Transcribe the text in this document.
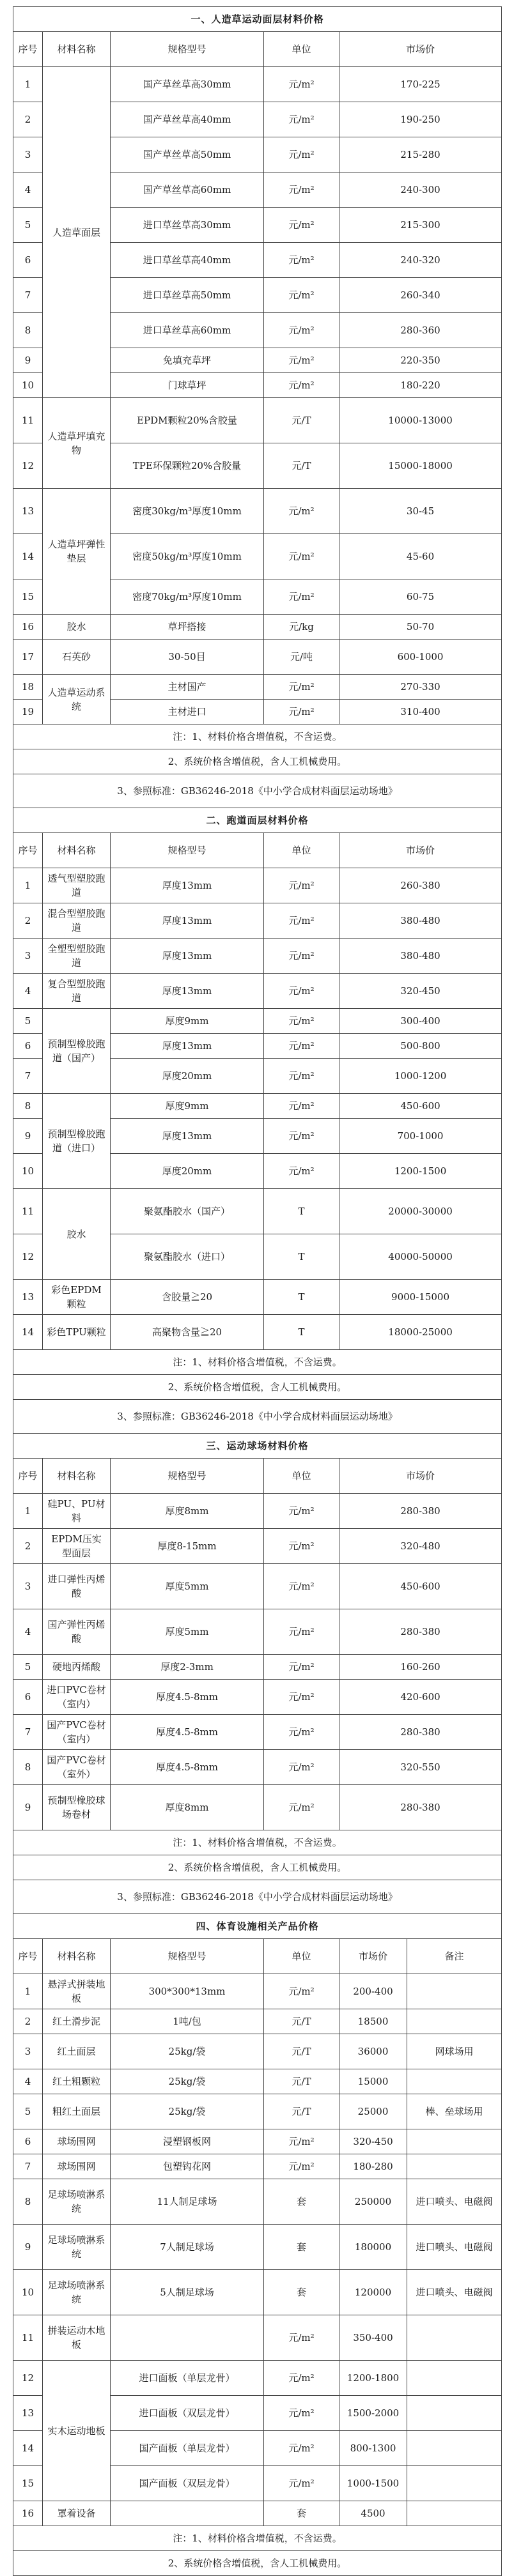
一、人造草运动面层材料价格					
序号	材料名称	规格型号	单位	市场价	
1	人造草面层	国产草丝草高30mm	元/m²	170-225	
2		国产草丝草高40mm	元/m²	190-250	
3		国产草丝草高50mm	元/m²	215-280	
4		国产草丝草高60mm	元/m²	240-300	
5		进口草丝草高30mm	元/m²	215-300	
6		进口草丝草高40mm	元/m²	240-320	
7		进口草丝草高50mm	元/m²	260-340	
8		进口草丝草高60mm	元/m²	280-360	
9		免填充草坪	元/m²	220-350	
10		门球草坪	元/m²	180-220	
11	人造草坪填充物	EPDM颗粒20%含胶量	元/T	10000-13000	
12		TPE环保颗粒20%含胶量	元/T	15000-18000	
13	人造草坪弹性垫层	密度30kg/m³厚度10mm	元/m²	30-45	
14		密度50kg/m³厚度10mm	元/m²	45-60	
15		密度70kg/m³厚度10mm	元/m²	60-75	
16	胶水	草坪搭接	元/kg	50-70	
17	石英砂	30-50目	元/吨	600-1000	
18	人造草运动系统	主材国产	元/m²	270-330	
19		主材进口	元/m²	310-400	
注：1、材料价格含增值税，不含运费。					
2、系统价格含增值税，含人工机械费用。					
3、参照标准：GB36246-2018《中小学合成材料面层运动场地》					
二、跑道面层材料价格					
序号	材料名称	规格型号	单位	市场价	
1	透气型塑胶跑道	厚度13mm	元/m²	260-380	
2	混合型塑胶跑道	厚度13mm	元/m²	380-480	
3	全塑型塑胶跑道	厚度13mm	元/m²	380-480	
4	复合型塑胶跑道	厚度13mm	元/m²	320-450	
5	预制型橡胶跑道（国产）	厚度9mm	元/m²	300-400	
6		厚度13mm	元/m²	500-800	
7		厚度20mm	元/m²	1000-1200	
8	预制型橡胶跑道（进口）	厚度9mm	元/m²	450-600	
9		厚度13mm	元/m²	700-1000	
10		厚度20mm	元/m²	1200-1500	
11	胶水	聚氨酯胶水（国产）	T	20000-30000	
12		聚氨酯胶水（进口）	T	40000-50000	
13	彩色EPDM颗粒	含胶量≧20	T	9000-15000	
14	彩色TPU颗粒	高聚物含量≧20	T	18000-25000	
注：1、材料价格含增值税，不含运费。					
2、系统价格含增值税，含人工机械费用。					
3、参照标准：GB36246-2018《中小学合成材料面层运动场地》					
三、运动球场材料价格					
序号	材料名称	规格型号	单位	市场价	
1	硅PU、PU材料	厚度8mm	元/m²	280-380	
2	EPDM压实型面层	厚度8-15mm	元/m²	320-480	
3	进口弹性丙烯酸	厚度5mm	元/m²	450-600	
4	国产弹性丙烯酸	厚度5mm	元/m²	280-380	
5	硬地丙烯酸	厚度2-3mm	元/m²	160-260	
6	进口PVC卷材（室内）	厚度4.5-8mm	元/m²	420-600	
7	国产PVC卷材（室内）	厚度4.5-8mm	元/m²	280-380	
8	国产PVC卷材（室外）	厚度4.5-8mm	元/m²	320-550	
9	预制型橡胶球场卷材	厚度8mm	元/m²	280-380	
注：1、材料价格含增值税，不含运费。					
2、系统价格含增值税，含人工机械费用。					
3、参照标准：GB36246-2018《中小学合成材料面层运动场地》					
四、体育设施相关产品价格					
序号	材料名称	规格型号	单位	市场价	备注
1	悬浮式拼装地板	300*300*13mm	元/m²	200-400	
2	红土滑步泥	1吨/包	元/T	18500	
3	红土面层	25kg/袋	元/T	36000	网球场用
4	红土粗颗粒	25kg/袋	元/T	15000	
5	粗红土面层	25kg/袋	元/T	25000	棒、垒球场用
6	球场围网	浸塑钢板网	元/m²	320-450	
7	球场围网	包塑钩花网	元/m²	180-280	
8	足球场喷淋系统	11人制足球场	套	250000	进口喷头、电磁阀
9	足球场喷淋系统	7人制足球场	套	180000	进口喷头、电磁阀
10	足球场喷淋系统	5人制足球场	套	120000	进口喷头、电磁阀
11	拼装运动木地板		元/m²	350-400	
12	实木运动地板	进口面板（单层龙骨）	元/m²	1200-1800	
13		进口面板（双层龙骨）	元/m²	1500-2000	
14		国产面板（单层龙骨）	元/m²	800-1300	
15		国产面板（双层龙骨）	元/m²	1000-1500	
16	罩着设备		套	4500	
注：1、材料价格含增值税，不含运费。					
2、系统价格含增值税，含人工机械费用。					
